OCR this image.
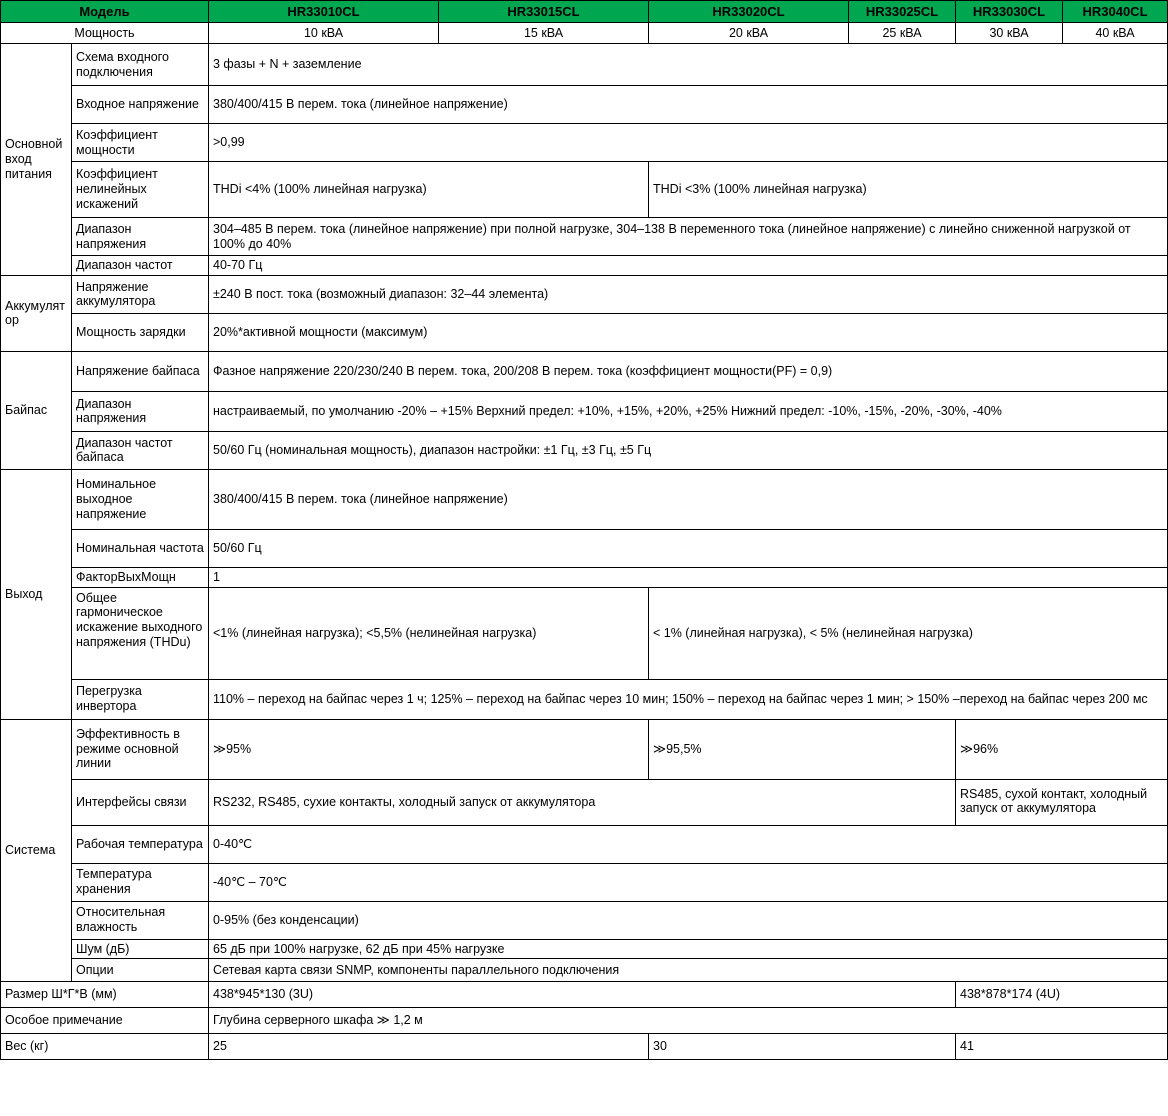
Модель		HR33010CL	HR33015CL	HR33020CL	HR33025CL	HR33030CL	HR3040CL
Мощность		10 кВА	15 кВА	20 кВА	25 кВА	30 кВА	40 кВА
Основной вход питания	Схема входного подключения	3 фазы + N + заземление					
	Входное напряжение	380/400/415 В перем. тока (линейное напряжение)					
	Коэффициент мощности	>0,99					
	Коэффициент нелинейных искажений	THDi <4% (100% линейная нагрузка)		THDi <3% (100% линейная нагрузка)			
	Диапазон напряжения	304–485 В перем. тока (линейное напряжение) при полной нагрузке, 304–138 В переменного тока (линейное напряжение) с линейно сниженной нагрузкой от 100% до 40%					
	Диапазон частот	40-70 Гц					
Аккумулятор	Напряжение аккумулятора	±240 В пост. тока (возможный диапазон: 32–44 элемента)					
	Мощность зарядки	20%*активной мощности (максимум)					
Байпас	Напряжение байпаса	Фазное напряжение 220/230/240 В перем. тока, 200/208 В перем. тока (коэффициент мощности(PF) = 0,9)					
	Диапазон напряжения	настраиваемый, по умолчанию -20% – +15% Верхний предел: +10%, +15%, +20%, +25% Нижний предел: -10%, -15%, -20%, -30%, -40%					
	Диапазон частот байпаса	50/60 Гц (номинальная мощность), диапазон настройки: ±1 Гц, ±3 Гц, ±5 Гц					
Выход	Номинальное выходное напряжение	380/400/415 В перем. тока (линейное напряжение)					
	Номинальная частота	50/60 Гц					
	ФакторВыхМощн	1					
	Общее гармоническое искажение выходного напряжения (THDu)	<1% (линейная нагрузка); <5,5% (нелинейная нагрузка)		< 1% (линейная нагрузка), < 5% (нелинейная нагрузка)			
	Перегрузка инвертора	110% – переход на байпас через 1 ч; 125% – переход на байпас через 10 мин; 150% – переход на байпас через 1 мин; > 150% –переход на байпас через 200 мс					
Система	Эффективность в режиме основной линии	≫95%		≫95,5%		≫96%	
	Интерфейсы связи	RS232, RS485, сухие контакты, холодный запуск от аккумулятора				RS485, сухой контакт, холодный запуск от аккумулятора	
	Рабочая температура	0-40℃					
	Температура хранения	-40℃ – 70℃					
	Относительная влажность	0-95% (без конденсации)					
	Шум (дБ)	65 дБ при 100% нагрузке, 62 дБ при 45% нагрузке					
	Опции	Сетевая карта связи SNMP, компоненты параллельного подключения					
Размер Ш*Г*В (мм)		438*945*130 (3U)				438*878*174 (4U)	
Особое примечание		Глубина серверного шкафа ≫ 1,2 м					
Вес (кг)		25		30		41	
